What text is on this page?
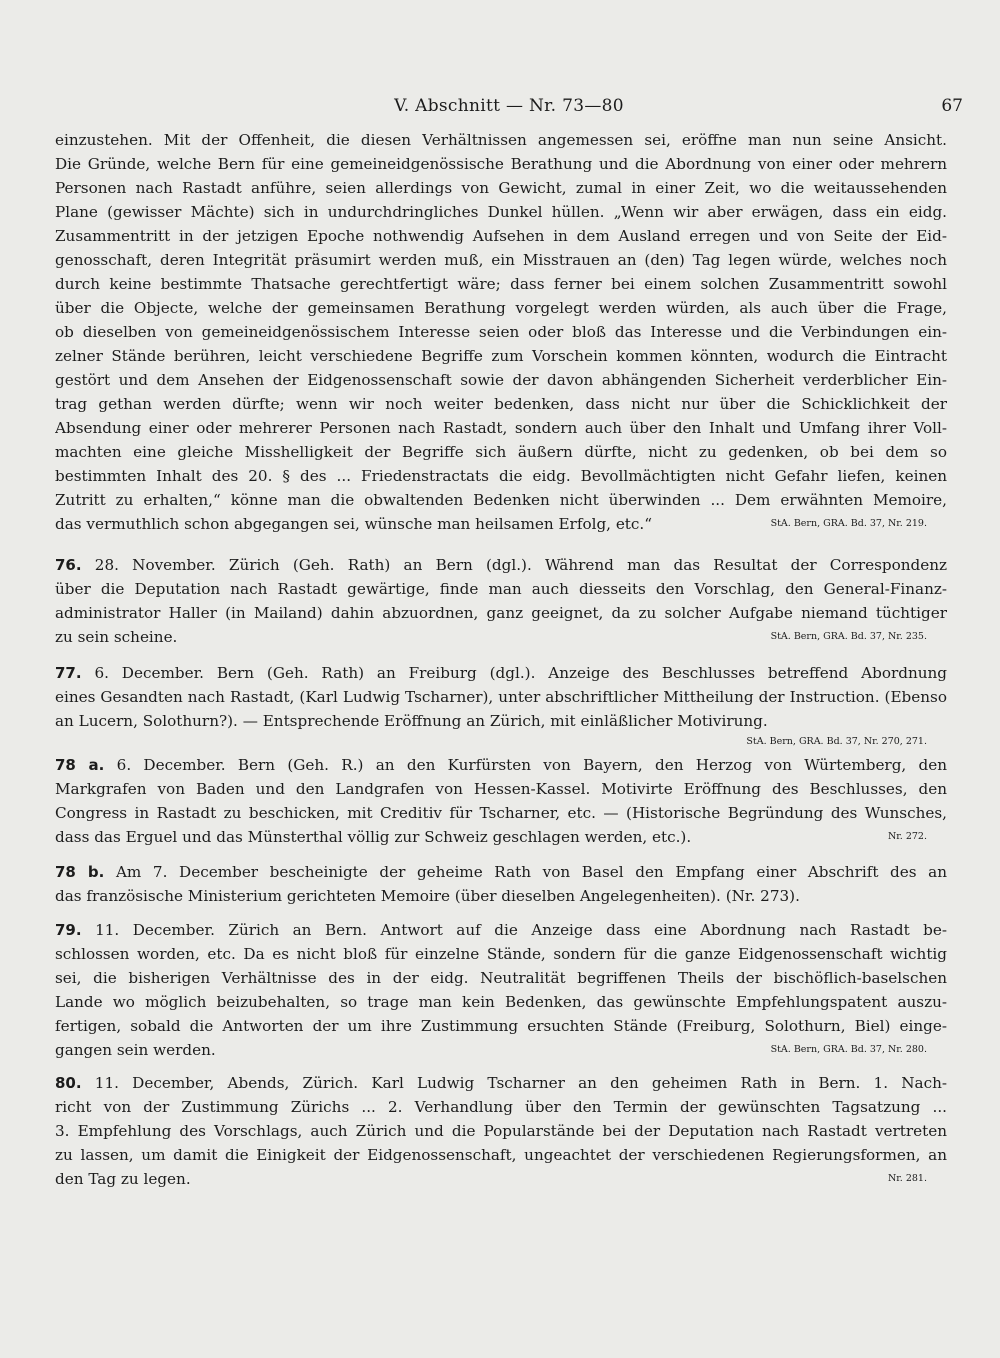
V. Abschnitt — Nr. 73—80	67
einzustehen. Mit der Offenheit, die diesen Verhältnissen angemessen sei, eröffne man nun seine Ansicht.
Die Gründe, welche Bern für eine gemeineidgenössische Berathung und die Abordnung von einer oder mehrern
Personen nach Rastadt anführe, seien allerdings von Gewicht, zumal in einer Zeit, wo die weitaussehenden
Plane (gewisser Mächte) sich in undurchdringliches Dunkel hüllen. „Wenn wir aber erwägen, dass ein eidg.
Zusammentritt in der jetzigen Epoche nothwendig Aufsehen in dem Ausland erregen und von Seite der Eid-
genosschaft, deren Integrität präsumirt werden muß, ein Misstrauen an (den) Tag legen würde, welches noch
durch keine bestimmte Thatsache gerechtfertigt wäre; dass ferner bei einem solchen Zusammentritt sowohl
über die Objecte, welche der gemeinsamen Berathung vorgelegt werden würden, als auch über die Frage,
ob dieselben von gemeineidgenössischem Interesse seien oder bloß das Interesse und die Verbindungen ein-
zelner Stände berühren, leicht verschiedene Begriffe zum Vorschein kommen könnten, wodurch die Eintracht
gestört und dem Ansehen der Eidgenossenschaft sowie der davon abhängenden Sicherheit verderblicher Ein-
trag gethan werden dürfte; wenn wir noch weiter bedenken, dass nicht nur über die Schicklichkeit der
Absendung einer oder mehrerer Personen nach Rastadt, sondern auch über den Inhalt und Umfang ihrer Voll-
machten eine gleiche Misshelligkeit der Begriffe sich äußern dürfte, nicht zu gedenken, ob bei dem so
bestimmten Inhalt des 20. § des ... Friedenstractats die eidg. Bevollmächtigten nicht Gefahr liefen, keinen
Zutritt zu erhalten,“ könne man die obwaltenden Bedenken nicht überwinden ... Dem erwähnten Memoire,
das vermuthlich schon abgegangen sei, wünsche man heilsamen Erfolg, etc.“	StA. Bern, GRA. Bd. 37, Nr. 219.
76. 28. November. Zürich (Geh. Rath) an Bern (dgl.). Während man das Resultat der Correspondenz
über die Deputation nach Rastadt gewärtige, finde man auch diesseits den Vorschlag, den General-Finanz-
administrator Haller (in Mailand) dahin abzuordnen, ganz geeignet, da zu solcher Aufgabe niemand tüchtiger
zu sein scheine.	StA. Bern, GRA. Bd. 37, Nr. 235.
77. 6. December. Bern (Geh. Rath) an Freiburg (dgl.). Anzeige des Beschlusses betreffend Abordnung
eines Gesandten nach Rastadt, (Karl Ludwig Tscharner), unter abschriftlicher Mittheilung der Instruction. (Ebenso
an Lucern, Solothurn?). — Entsprechende Eröffnung an Zürich, mit einläßlicher Motivirung.
StA. Bern, GRA. Bd. 37, Nr. 270, 271.
78 a. 6. December. Bern (Geh. R.) an den Kurfürsten von Bayern, den Herzog von Würtemberg, den
Markgrafen von Baden und den Landgrafen von Hessen-Kassel. Motivirte Eröffnung des Beschlusses, den
Congress in Rastadt zu beschicken, mit Creditiv für Tscharner, etc. — (Historische Begründung des Wunsches,
dass das Erguel und das Münsterthal völlig zur Schweiz geschlagen werden, etc.).	Nr. 272.
78 b. Am 7. December bescheinigte der geheime Rath von Basel den Empfang einer Abschrift des an
das französische Ministerium gerichteten Memoire (über dieselben Angelegenheiten). (Nr. 273).
79. 11. December. Zürich an Bern. Antwort auf die Anzeige dass eine Abordnung nach Rastadt be-
schlossen worden, etc. Da es nicht bloß für einzelne Stände, sondern für die ganze Eidgenossenschaft wichtig
sei, die bisherigen Verhältnisse des in der eidg. Neutralität begriffenen Theils der bischöflich-baselschen
Lande wo möglich beizubehalten, so trage man kein Bedenken, das gewünschte Empfehlungspatent auszu-
fertigen, sobald die Antworten der um ihre Zustimmung ersuchten Stände (Freiburg, Solothurn, Biel) einge-
gangen sein werden.	StA. Bern, GRA. Bd. 37, Nr. 280.
80. 11. December, Abends, Zürich. Karl Ludwig Tscharner an den geheimen Rath in Bern. 1. Nach-
richt von der Zustimmung Zürichs ... 2. Verhandlung über den Termin der gewünschten Tagsatzung ...
3. Empfehlung des Vorschlags, auch Zürich und die Popularstände bei der Deputation nach Rastadt vertreten
zu lassen, um damit die Einigkeit der Eidgenossenschaft, ungeachtet der verschiedenen Regierungsformen, an
den Tag zu legen.	Nr. 281.
